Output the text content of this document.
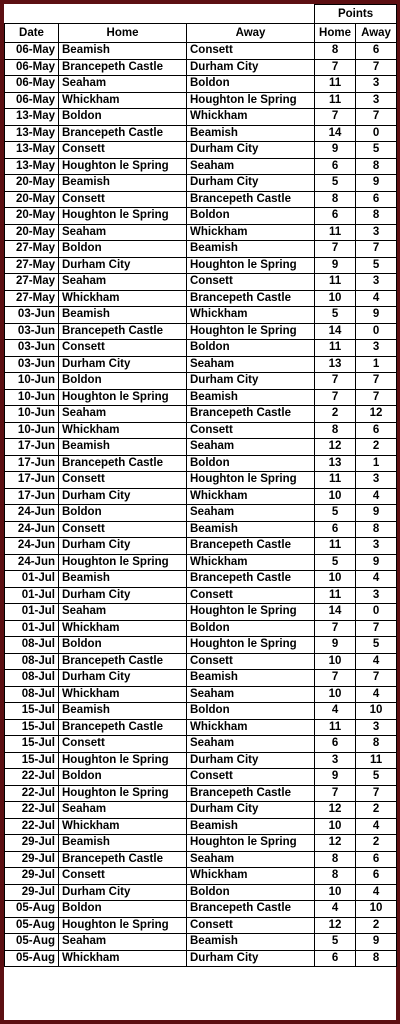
			Points	
Date	Home	Away	Home	Away
06-May	Beamish	Consett	8	6
06-May	Brancepeth Castle	Durham City	7	7
06-May	Seaham	Boldon	11	3
06-May	Whickham	Houghton le Spring	11	3
13-May	Boldon	Whickham	7	7
13-May	Brancepeth Castle	Beamish	14	0
13-May	Consett	Durham City	9	5
13-May	Houghton le Spring	Seaham	6	8
20-May	Beamish	Durham City	5	9
20-May	Consett	Brancepeth Castle	8	6
20-May	Houghton le Spring	Boldon	6	8
20-May	Seaham	Whickham	11	3
27-May	Boldon	Beamish	7	7
27-May	Durham City	Houghton le Spring	9	5
27-May	Seaham	Consett	11	3
27-May	Whickham	Brancepeth Castle	10	4
03-Jun	Beamish	Whickham	5	9
03-Jun	Brancepeth Castle	Houghton le Spring	14	0
03-Jun	Consett	Boldon	11	3
03-Jun	Durham City	Seaham	13	1
10-Jun	Boldon	Durham City	7	7
10-Jun	Houghton le Spring	Beamish	7	7
10-Jun	Seaham	Brancepeth Castle	2	12
10-Jun	Whickham	Consett	8	6
17-Jun	Beamish	Seaham	12	2
17-Jun	Brancepeth Castle	Boldon	13	1
17-Jun	Consett	Houghton le Spring	11	3
17-Jun	Durham City	Whickham	10	4
24-Jun	Boldon	Seaham	5	9
24-Jun	Consett	Beamish	6	8
24-Jun	Durham City	Brancepeth Castle	11	3
24-Jun	Houghton le Spring	Whickham	5	9
01-Jul	Beamish	Brancepeth Castle	10	4
01-Jul	Durham City	Consett	11	3
01-Jul	Seaham	Houghton le Spring	14	0
01-Jul	Whickham	Boldon	7	7
08-Jul	Boldon	Houghton le Spring	9	5
08-Jul	Brancepeth Castle	Consett	10	4
08-Jul	Durham City	Beamish	7	7
08-Jul	Whickham	Seaham	10	4
15-Jul	Beamish	Boldon	4	10
15-Jul	Brancepeth Castle	Whickham	11	3
15-Jul	Consett	Seaham	6	8
15-Jul	Houghton le Spring	Durham City	3	11
22-Jul	Boldon	Consett	9	5
22-Jul	Houghton le Spring	Brancepeth Castle	7	7
22-Jul	Seaham	Durham City	12	2
22-Jul	Whickham	Beamish	10	4
29-Jul	Beamish	Houghton le Spring	12	2
29-Jul	Brancepeth Castle	Seaham	8	6
29-Jul	Consett	Whickham	8	6
29-Jul	Durham City	Boldon	10	4
05-Aug	Boldon	Brancepeth Castle	4	10
05-Aug	Houghton le Spring	Consett	12	2
05-Aug	Seaham	Beamish	5	9
05-Aug	Whickham	Durham City	6	8
